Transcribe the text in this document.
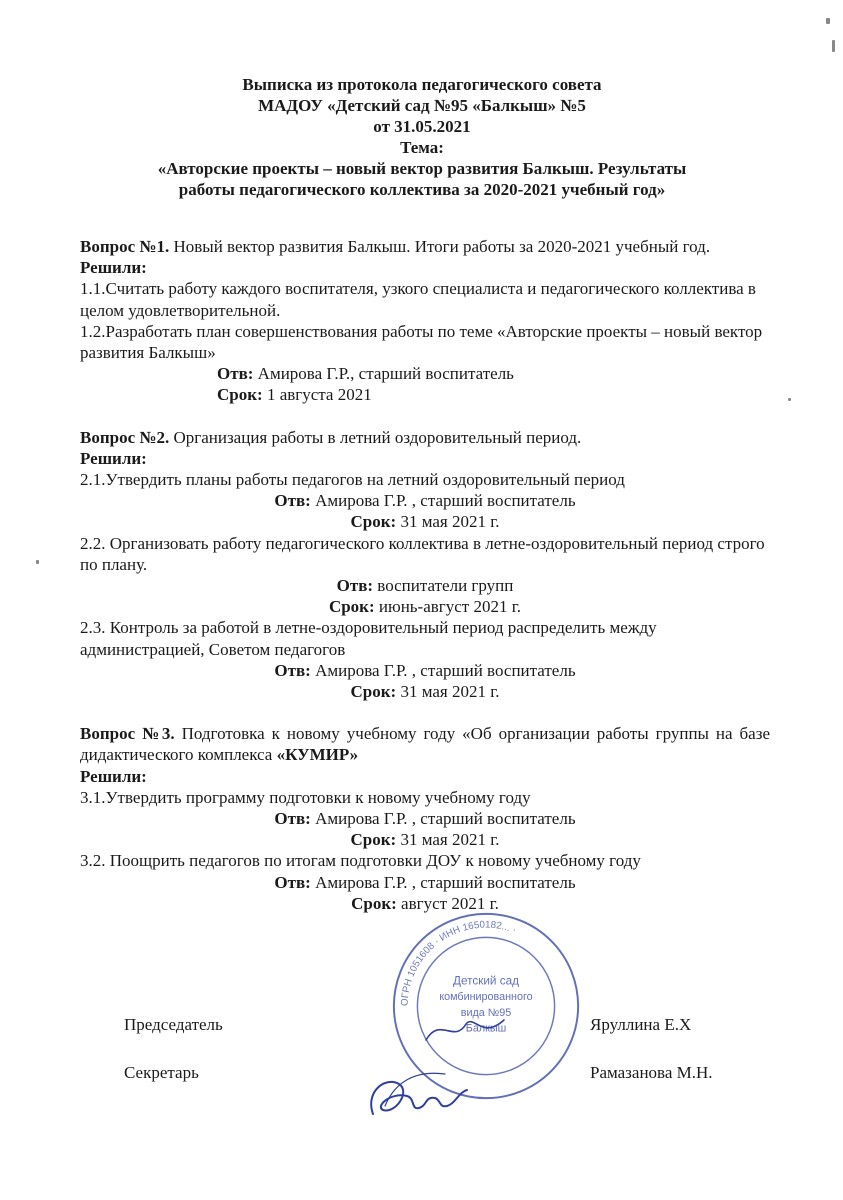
Выписка из протокола педагогического совета
МАДОУ «Детский сад №95 «Балкыш» №5
от 31.05.2021
Тема:
«Авторские проекты – новый вектор развития Балкыш. Результаты
работы педагогического коллектива за 2020-2021 учебный год»

Вопрос №1. Новый вектор развития Балкыш. Итоги работы за 2020-2021 учебный год.

Решили:

1.1.Считать работу каждого воспитателя, узкого специалиста и педагогического коллектива в целом удовлетворительной.

1.2.Разработать план совершенствования работы по теме «Авторские проекты – новый вектор развития Балкыш»

Отв: Амирова Г.Р., старший воспитатель

Срок: 1 августа 2021

Вопрос №2. Организация работы в летний оздоровительный период.

Решили:

2.1.Утвердить планы работы педагогов на летний оздоровительный период

Отв: Амирова Г.Р. , старший воспитатель

Срок: 31 мая 2021 г.

2.2. Организовать работу педагогического коллектива в летне-оздоровительный период строго по плану.

Отв: воспитатели групп

Срок: июнь-август 2021 г.

2.3. Контроль за работой в летне-оздоровительный период распределить между администрацией, Советом педагогов

Отв: Амирова Г.Р. , старший воспитатель

Срок: 31 мая 2021 г.

Вопрос №3. Подготовка к новому учебному году «Об организации работы группы на базе дидактического комплекса «КУМИР»

Решили:

3.1.Утвердить программу подготовки к новому учебному году

Отв: Амирова Г.Р. , старший воспитатель

Срок: 31 мая 2021 г.

3.2. Поощрить педагогов по итогам подготовки ДОУ к новому учебному году

Отв: Амирова Г.Р. , старший воспитатель

Срок: август 2021 г.

ОГРН 1051608 · ИНН 1650182... ·
Детский сад
комбинированного
вида №95
Балкыш
Председатель	Яруллина Е.Х
Секретарь	Рамазанова М.Н.
